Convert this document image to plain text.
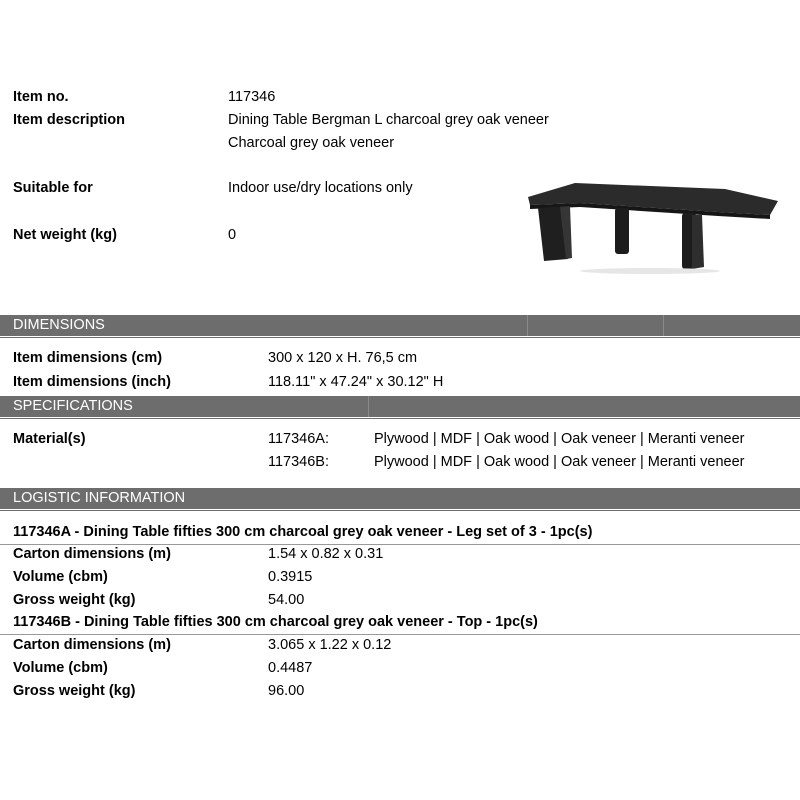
Item no.	117346
Item description	Dining Table Bergman L charcoal grey oak veneer
Charcoal grey oak veneer
Suitable for	Indoor use/dry locations only
Net weight (kg)	0
DIMENSIONS
Item dimensions (cm)	300 x 120 x H. 76,5 cm
Item dimensions (inch)	118.11" x 47.24" x 30.12" H
SPECIFICATIONS
Material(s)	117346A:	Plywood | MDF | Oak wood | Oak veneer | Meranti veneer
117346B:	Plywood | MDF | Oak wood | Oak veneer | Meranti veneer
LOGISTIC INFORMATION
117346A - Dining Table fifties 300 cm charcoal grey oak veneer - Leg set of 3 - 1pc(s)
Carton dimensions (m)	1.54 x 0.82 x 0.31
Volume (cbm)	0.3915
Gross weight (kg)	54.00
117346B - Dining Table fifties 300 cm charcoal grey oak veneer - Top - 1pc(s)
Carton dimensions (m)	3.065 x 1.22 x 0.12
Volume (cbm)	0.4487
Gross weight (kg)	96.00
